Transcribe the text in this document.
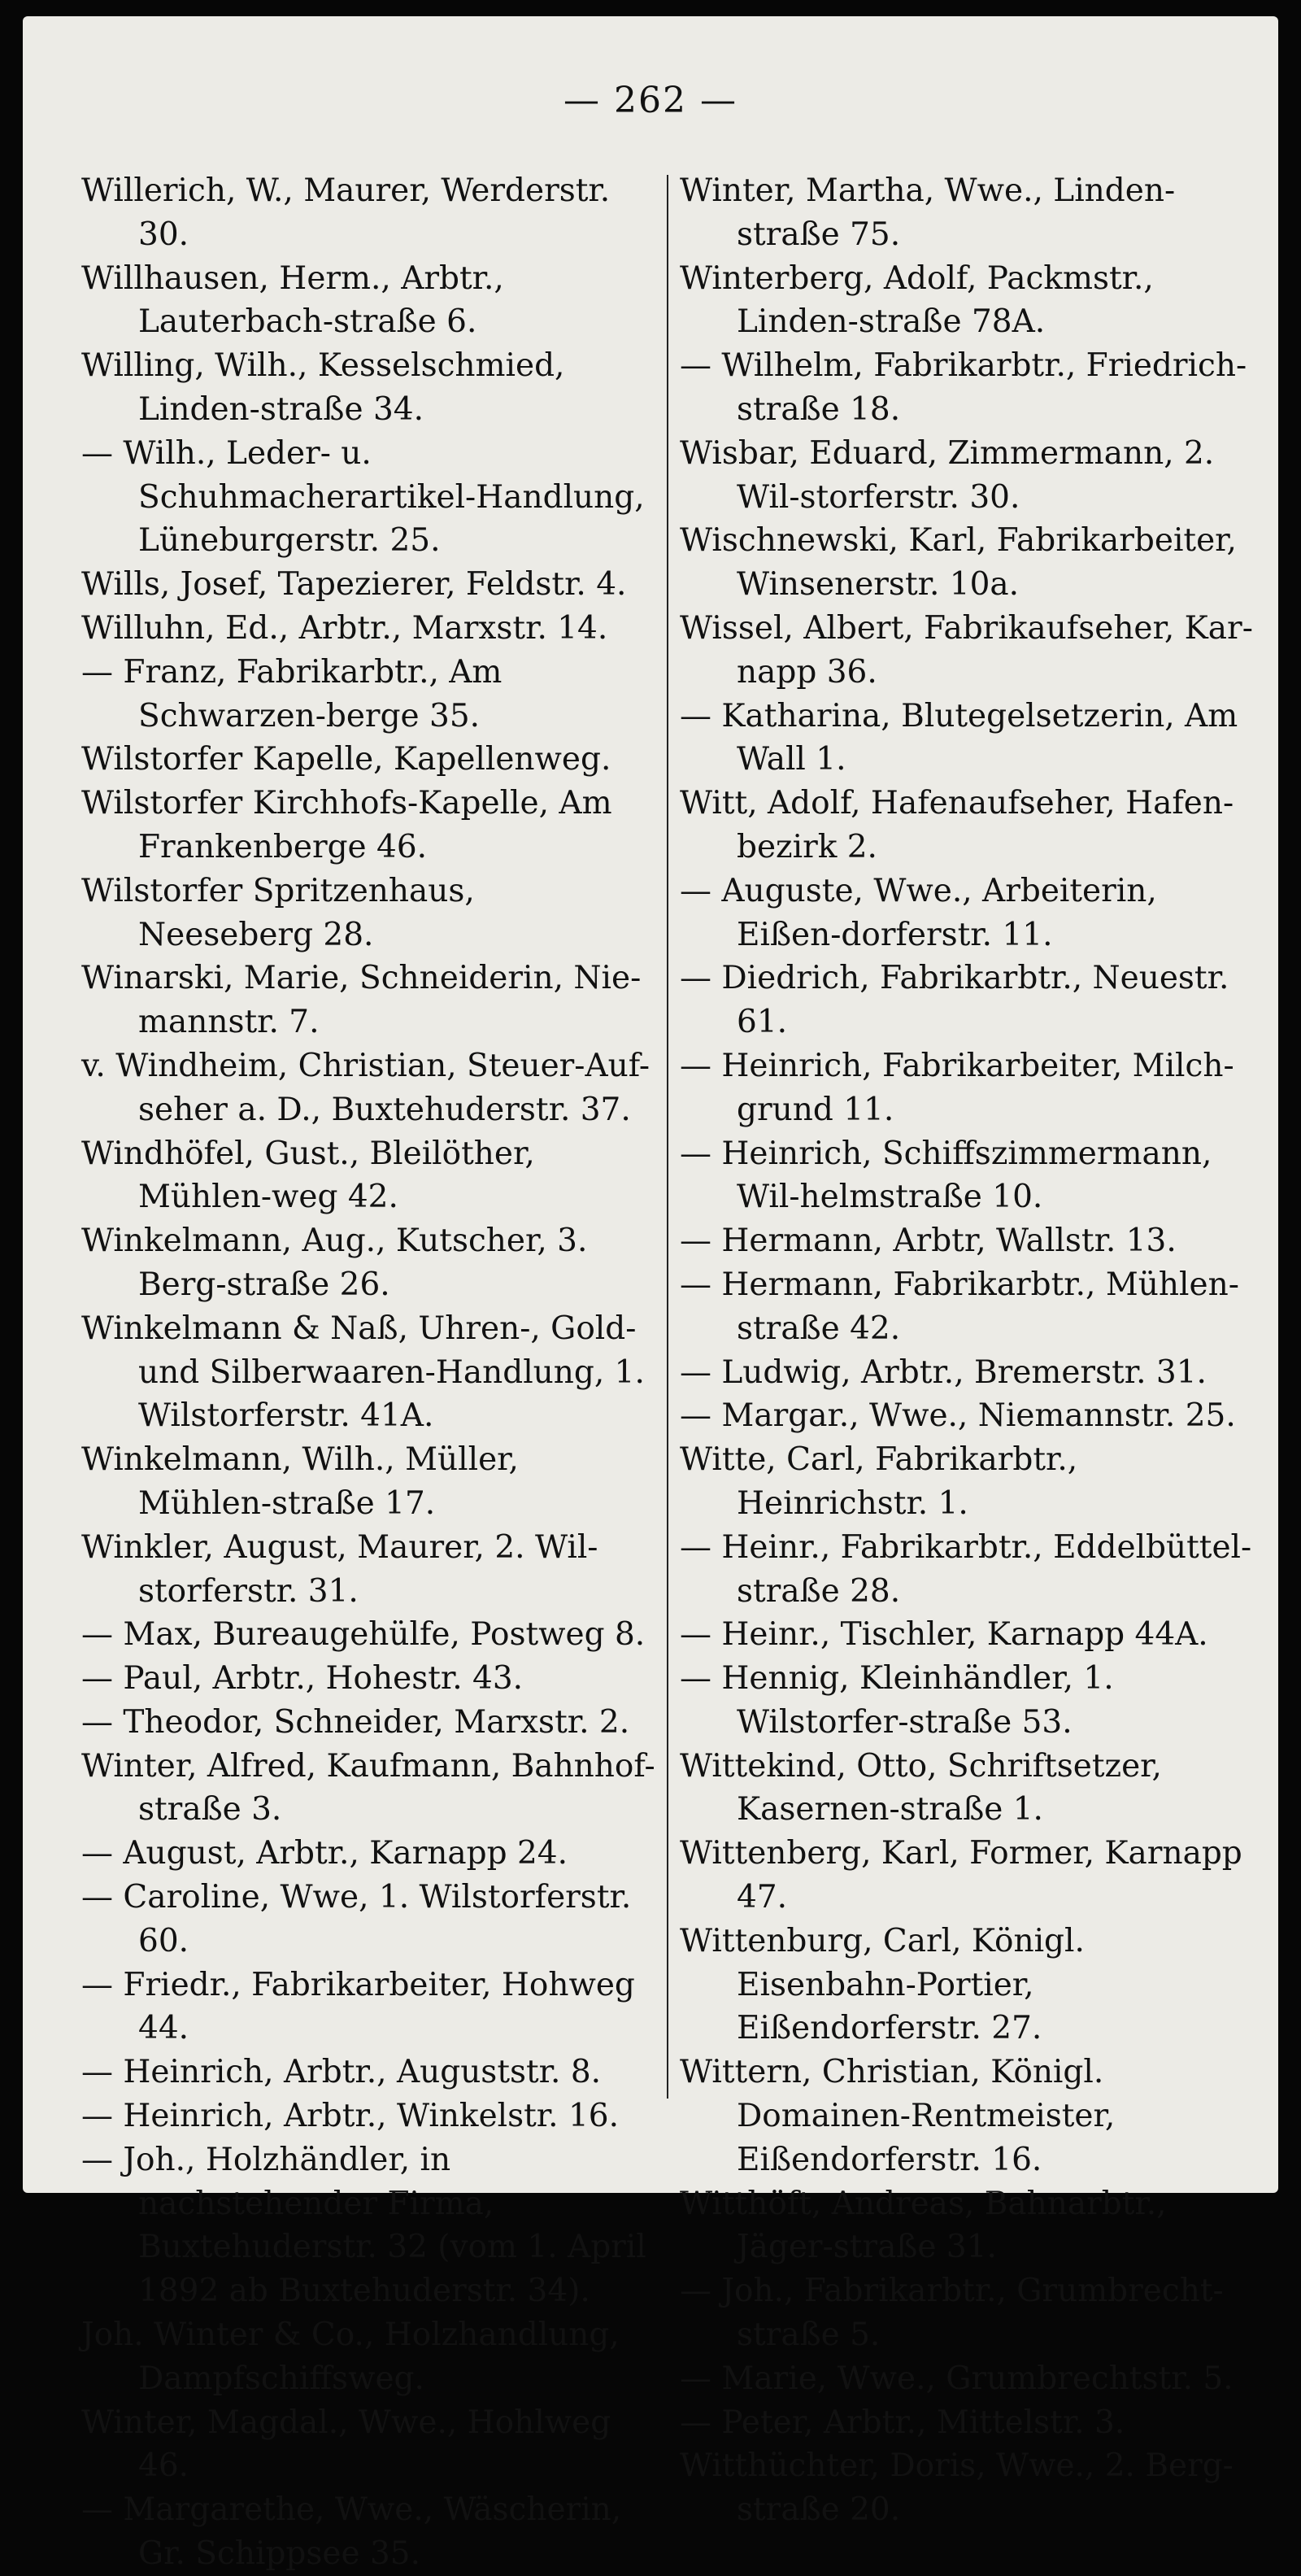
— 262 —
Willerich, W., Maurer, Werderstr. 30.
Willhausen, Herm., Arbtr., Lauterbach-straße 6.
Willing, Wilh., Kesselschmied, Linden-straße 34.
— Wilh., Leder- u. Schuhmacherartikel-Handlung, Lüneburgerstr. 25.
Wills, Josef, Tapezierer, Feldstr. 4.
Willuhn, Ed., Arbtr., Marxstr. 14.
— Franz, Fabrikarbtr., Am Schwarzen-berge 35.
Wilstorfer Kapelle, Kapellenweg.
Wilstorfer Kirchhofs-Kapelle, Am Frankenberge 46.
Wilstorfer Spritzenhaus, Neeseberg 28.
Winarski, Marie, Schneiderin, Nie-mannstr. 7.
v. Windheim, Christian, Steuer-Auf-seher a. D., Buxtehuderstr. 37.
Windhöfel, Gust., Bleilöther, Mühlen-weg 42.
Winkelmann, Aug., Kutscher, 3. Berg-straße 26.
Winkelmann & Naß, Uhren-, Gold- und Silberwaaren-Handlung, 1. Wilstorferstr. 41A.
Winkelmann, Wilh., Müller, Mühlen-straße 17.
Winkler, August, Maurer, 2. Wil-storferstr. 31.
— Max, Bureaugehülfe, Postweg 8.
— Paul, Arbtr., Hohestr. 43.
— Theodor, Schneider, Marxstr. 2.
Winter, Alfred, Kaufmann, Bahnhof-straße 3.
— August, Arbtr., Karnapp 24.
— Caroline, Wwe, 1. Wilstorferstr. 60.
— Friedr., Fabrikarbeiter, Hohweg 44.
— Heinrich, Arbtr., Auguststr. 8.
— Heinrich, Arbtr., Winkelstr. 16.
— Joh., Holzhändler, in nachstehender Firma, Buxtehuderstr. 32 (vom 1. April 1892 ab Buxtehuderstr. 34).
Joh. Winter & Co., Holzhandlung, Dampfschiffsweg.
Winter, Magdal., Wwe., Hohlweg 46.
— Margarethe, Wwe., Wäscherin, Gr. Schippsee 35.
Winter, Martha, Wwe., Linden-straße 75.
Winterberg, Adolf, Packmstr., Linden-straße 78A.
— Wilhelm, Fabrikarbtr., Friedrich-straße 18.
Wisbar, Eduard, Zimmermann, 2. Wil-storferstr. 30.
Wischnewski, Karl, Fabrikarbeiter, Winsenerstr. 10a.
Wissel, Albert, Fabrikaufseher, Kar-napp 36.
— Katharina, Blutegelsetzerin, Am Wall 1.
Witt, Adolf, Hafenaufseher, Hafen-bezirk 2.
— Auguste, Wwe., Arbeiterin, Eißen-dorferstr. 11.
— Diedrich, Fabrikarbtr., Neuestr. 61.
— Heinrich, Fabrikarbeiter, Milch-grund 11.
— Heinrich, Schiffszimmermann, Wil-helmstraße 10.
— Hermann, Arbtr, Wallstr. 13.
— Hermann, Fabrikarbtr., Mühlen-straße 42.
— Ludwig, Arbtr., Bremerstr. 31.
— Margar., Wwe., Niemannstr. 25.
Witte, Carl, Fabrikarbtr., Heinrichstr. 1.
— Heinr., Fabrikarbtr., Eddelbüttel-straße 28.
— Heinr., Tischler, Karnapp 44A.
— Hennig, Kleinhändler, 1. Wilstorfer-straße 53.
Wittekind, Otto, Schriftsetzer, Kasernen-straße 1.
Wittenberg, Karl, Former, Karnapp 47.
Wittenburg, Carl, Königl. Eisenbahn-Portier, Eißendorferstr. 27.
Wittern, Christian, Königl. Domainen-Rentmeister, Eißendorferstr. 16.
Witthöft, Andreas, Bahnarbtr., Jäger-straße 31.
— Joh., Fabrikarbtr., Grumbrecht-straße 5.
— Marie, Wwe., Grumbrechtstr. 5.
— Peter, Arbtr., Mittelstr. 3.
Witthüchter, Doris, Wwe., 2. Berg-straße 20.
